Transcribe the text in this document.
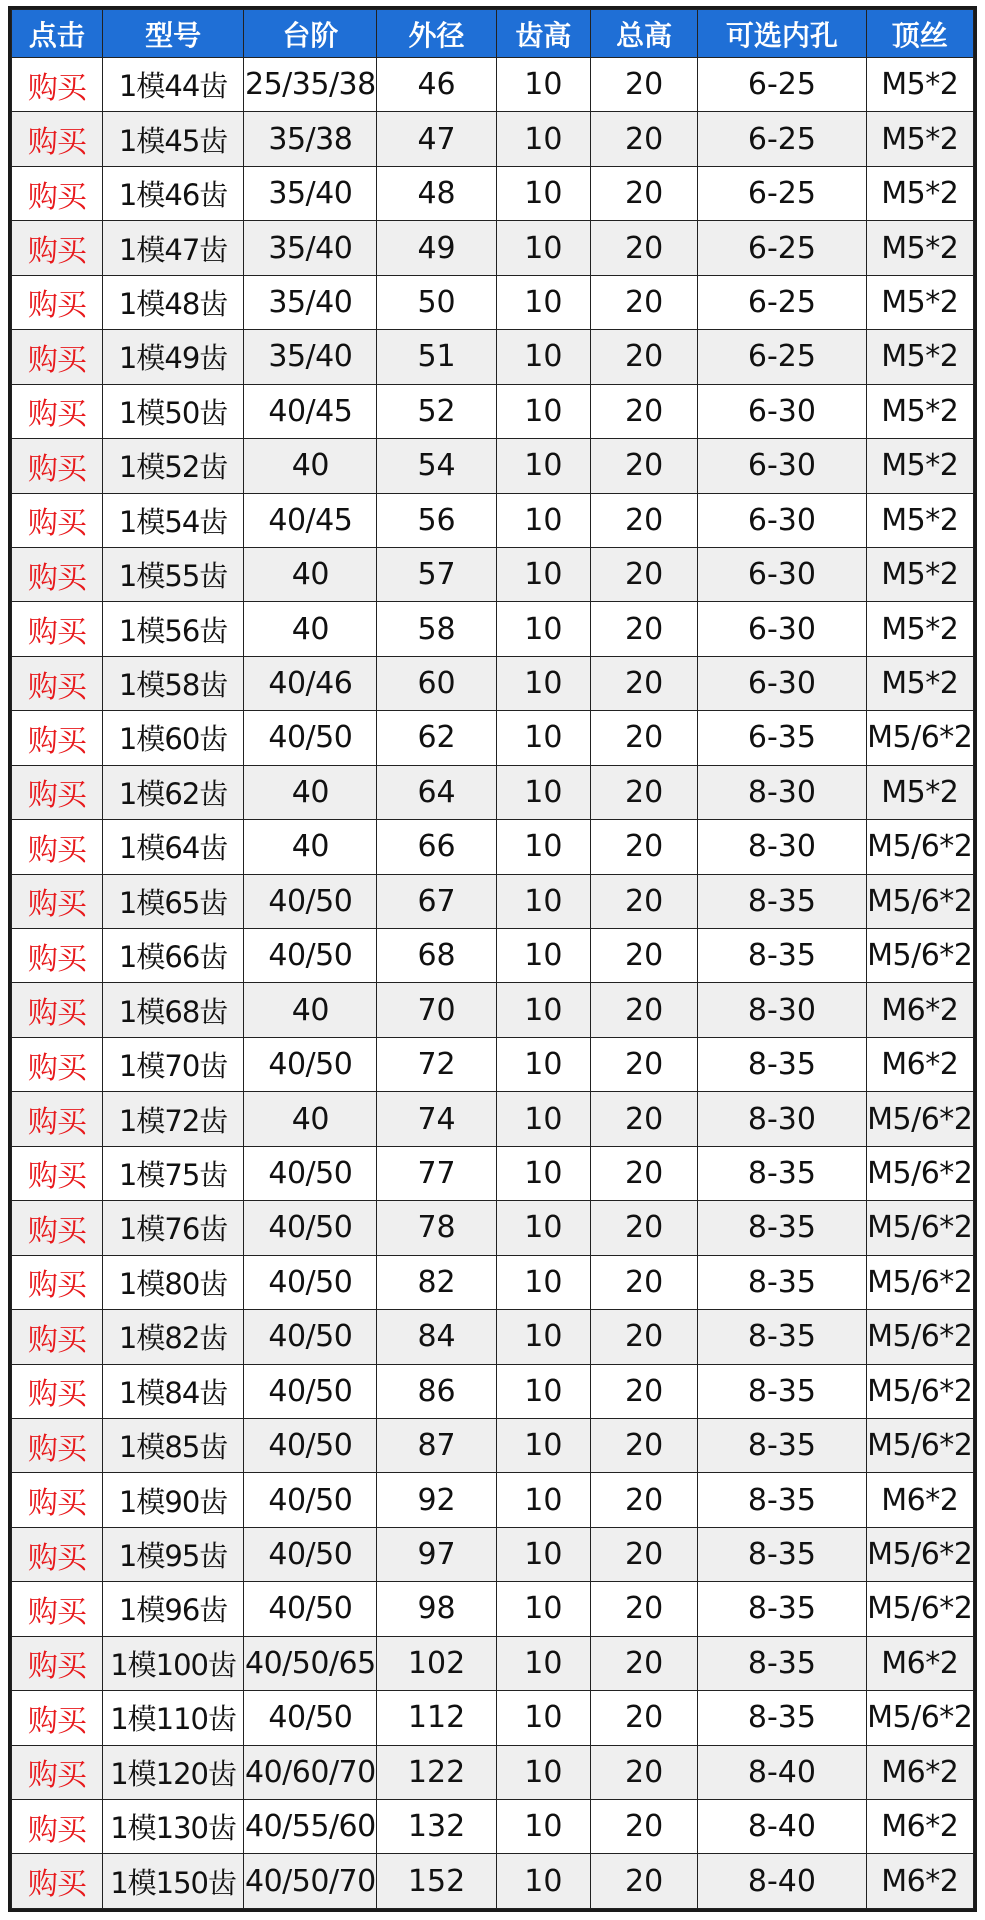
点击	型号	台阶	外径	齿高	总高	可选内孔	顶丝
购买	1模44齿	25/35/38	46	10	20	6-25	M5*2
购买	1模45齿	35/38	47	10	20	6-25	M5*2
购买	1模46齿	35/40	48	10	20	6-25	M5*2
购买	1模47齿	35/40	49	10	20	6-25	M5*2
购买	1模48齿	35/40	50	10	20	6-25	M5*2
购买	1模49齿	35/40	51	10	20	6-25	M5*2
购买	1模50齿	40/45	52	10	20	6-30	M5*2
购买	1模52齿	40	54	10	20	6-30	M5*2
购买	1模54齿	40/45	56	10	20	6-30	M5*2
购买	1模55齿	40	57	10	20	6-30	M5*2
购买	1模56齿	40	58	10	20	6-30	M5*2
购买	1模58齿	40/46	60	10	20	6-30	M5*2
购买	1模60齿	40/50	62	10	20	6-35	M5/6*2
购买	1模62齿	40	64	10	20	8-30	M5*2
购买	1模64齿	40	66	10	20	8-30	M5/6*2
购买	1模65齿	40/50	67	10	20	8-35	M5/6*2
购买	1模66齿	40/50	68	10	20	8-35	M5/6*2
购买	1模68齿	40	70	10	20	8-30	M6*2
购买	1模70齿	40/50	72	10	20	8-35	M6*2
购买	1模72齿	40	74	10	20	8-30	M5/6*2
购买	1模75齿	40/50	77	10	20	8-35	M5/6*2
购买	1模76齿	40/50	78	10	20	8-35	M5/6*2
购买	1模80齿	40/50	82	10	20	8-35	M5/6*2
购买	1模82齿	40/50	84	10	20	8-35	M5/6*2
购买	1模84齿	40/50	86	10	20	8-35	M5/6*2
购买	1模85齿	40/50	87	10	20	8-35	M5/6*2
购买	1模90齿	40/50	92	10	20	8-35	M6*2
购买	1模95齿	40/50	97	10	20	8-35	M5/6*2
购买	1模96齿	40/50	98	10	20	8-35	M5/6*2
购买	1模100齿	40/50/65	102	10	20	8-35	M6*2
购买	1模110齿	40/50	112	10	20	8-35	M5/6*2
购买	1模120齿	40/60/70	122	10	20	8-40	M6*2
购买	1模130齿	40/55/60	132	10	20	8-40	M6*2
购买	1模150齿	40/50/70	152	10	20	8-40	M6*2
